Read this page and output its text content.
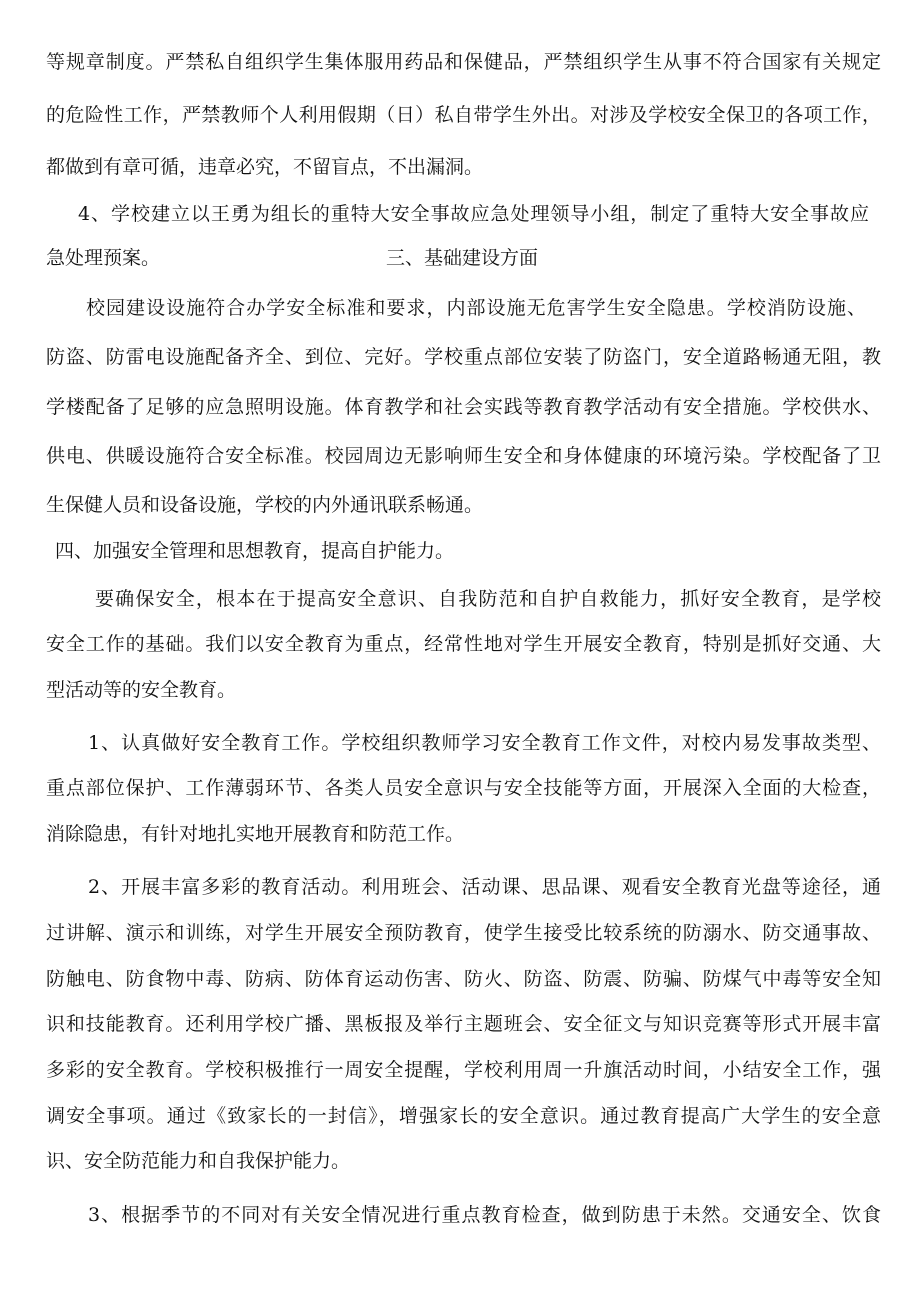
等规章制度。严禁私自组织学生集体服用药品和保健品，严禁组织学生从事不符合国家有关规定
的危险性工作，严禁教师个人利用假期（日）私自带学生外出。对涉及学校安全保卫的各项工作，
都做到有章可循，违章必究，不留盲点，不出漏洞。
4、学校建立以王勇为组长的重特大安全事故应急处理领导小组，制定了重特大安全事故应
急处理预案。	三、基础建设方面
校园建设设施符合办学安全标准和要求，内部设施无危害学生安全隐患。学校消防设施、
防盗、防雷电设施配备齐全、到位、完好。学校重点部位安装了防盗门，安全道路畅通无阻，教
学楼配备了足够的应急照明设施。体育教学和社会实践等教育教学活动有安全措施。学校供水、
供电、供暖设施符合安全标准。校园周边无影响师生安全和身体健康的环境污染。学校配备了卫
生保健人员和设备设施，学校的内外通讯联系畅通。
四、加强安全管理和思想教育，提高自护能力。
要确保安全，根本在于提高安全意识、自我防范和自护自救能力，抓好安全教育，是学校
安全工作的基础。我们以安全教育为重点，经常性地对学生开展安全教育，特别是抓好交通、大
型活动等的安全教育。
1、认真做好安全教育工作。学校组织教师学习安全教育工作文件，对校内易发事故类型、
重点部位保护、工作薄弱环节、各类人员安全意识与安全技能等方面，开展深入全面的大检查，
消除隐患，有针对地扎实地开展教育和防范工作。
2、开展丰富多彩的教育活动。利用班会、活动课、思品课、观看安全教育光盘等途径，通
过讲解、演示和训练，对学生开展安全预防教育，使学生接受比较系统的防溺水、防交通事故、
防触电、防食物中毒、防病、防体育运动伤害、防火、防盗、防震、防骗、防煤气中毒等安全知
识和技能教育。还利用学校广播、黑板报及举行主题班会、安全征文与知识竞赛等形式开展丰富
多彩的安全教育。学校积极推行一周安全提醒，学校利用周一升旗活动时间，小结安全工作，强
调安全事项。通过《致家长的一封信》，增强家长的安全意识。通过教育提高广大学生的安全意
识、安全防范能力和自我保护能力。
3、根据季节的不同对有关安全情况进行重点教育检查，做到防患于未然。交通安全、饮食
